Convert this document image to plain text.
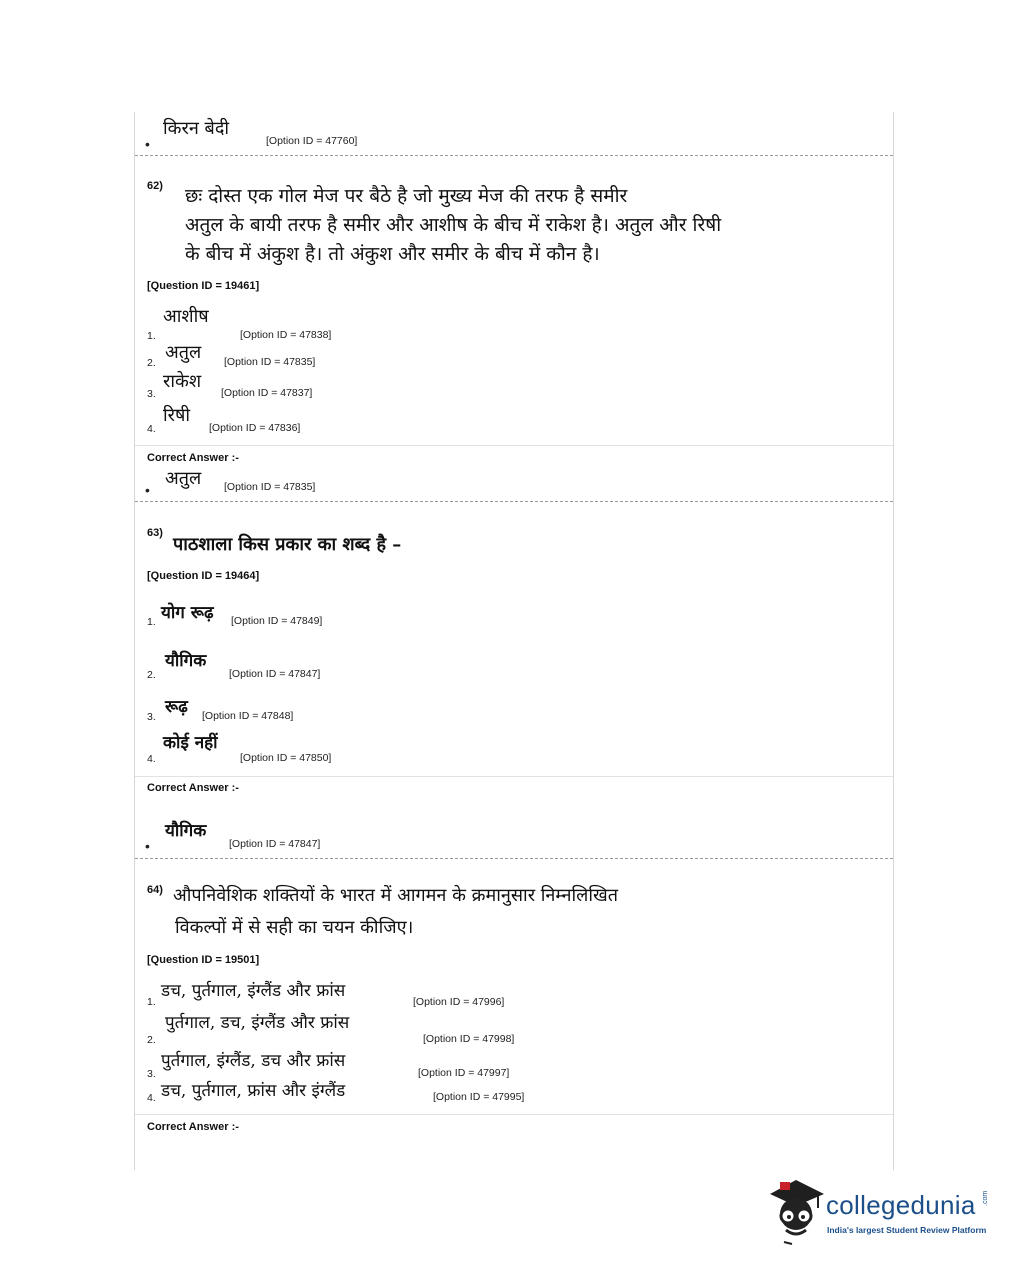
•
किरन बेदी
[Option ID = 47760]
62) छः दोस्त एक गोल मेज पर बैठे है जो मुख्य मेज की तरफ है समीर
अतुल के बायी तरफ है समीर और आशीष के बीच में राकेश है। अतुल और रिषी
के बीच में अंकुश है। तो अंकुश और समीर के बीच में कौन है।
[Question ID = 19461]
1.
आशीष
[Option ID = 47838]
2. अतुल [Option ID = 47835]
3.
राकेश
[Option ID = 47837]
4.
रिषी
[Option ID = 47836]
Correct Answer :-
•
अतुल [Option ID = 47835]
63)
पाठशाला किस प्रकार का शब्द है –
[Question ID = 19464]
1. योग रूढ़ [Option ID = 47849]
2.
यौगिक
[Option ID = 47847]
3. रूढ़ [Option ID = 47848]
4.
कोई नहीं
[Option ID = 47850]
Correct Answer :-
•
यौगिक
[Option ID = 47847]
64) औपनिवेशिक शक्तियों के भारत में आगमन के क्रमानुसार निम्नलिखित
विकल्पों में से सही का चयन कीजिए।
[Question ID = 19501]
1.
डच, पुर्तगाल, इंग्लैंड और फ्रांस
[Option ID = 47996]
2.
पुर्तगाल, डच, इंग्लैंड और फ्रांस
[Option ID = 47998]
3.
पुर्तगाल, इंग्लैंड, डच और फ्रांस
[Option ID = 47997]
4. डच, पुर्तगाल, फ्रांस और इंग्लैंड	[Option ID = 47995]
Correct Answer :-
collegedunia .com
India's largest Student Review Platform
